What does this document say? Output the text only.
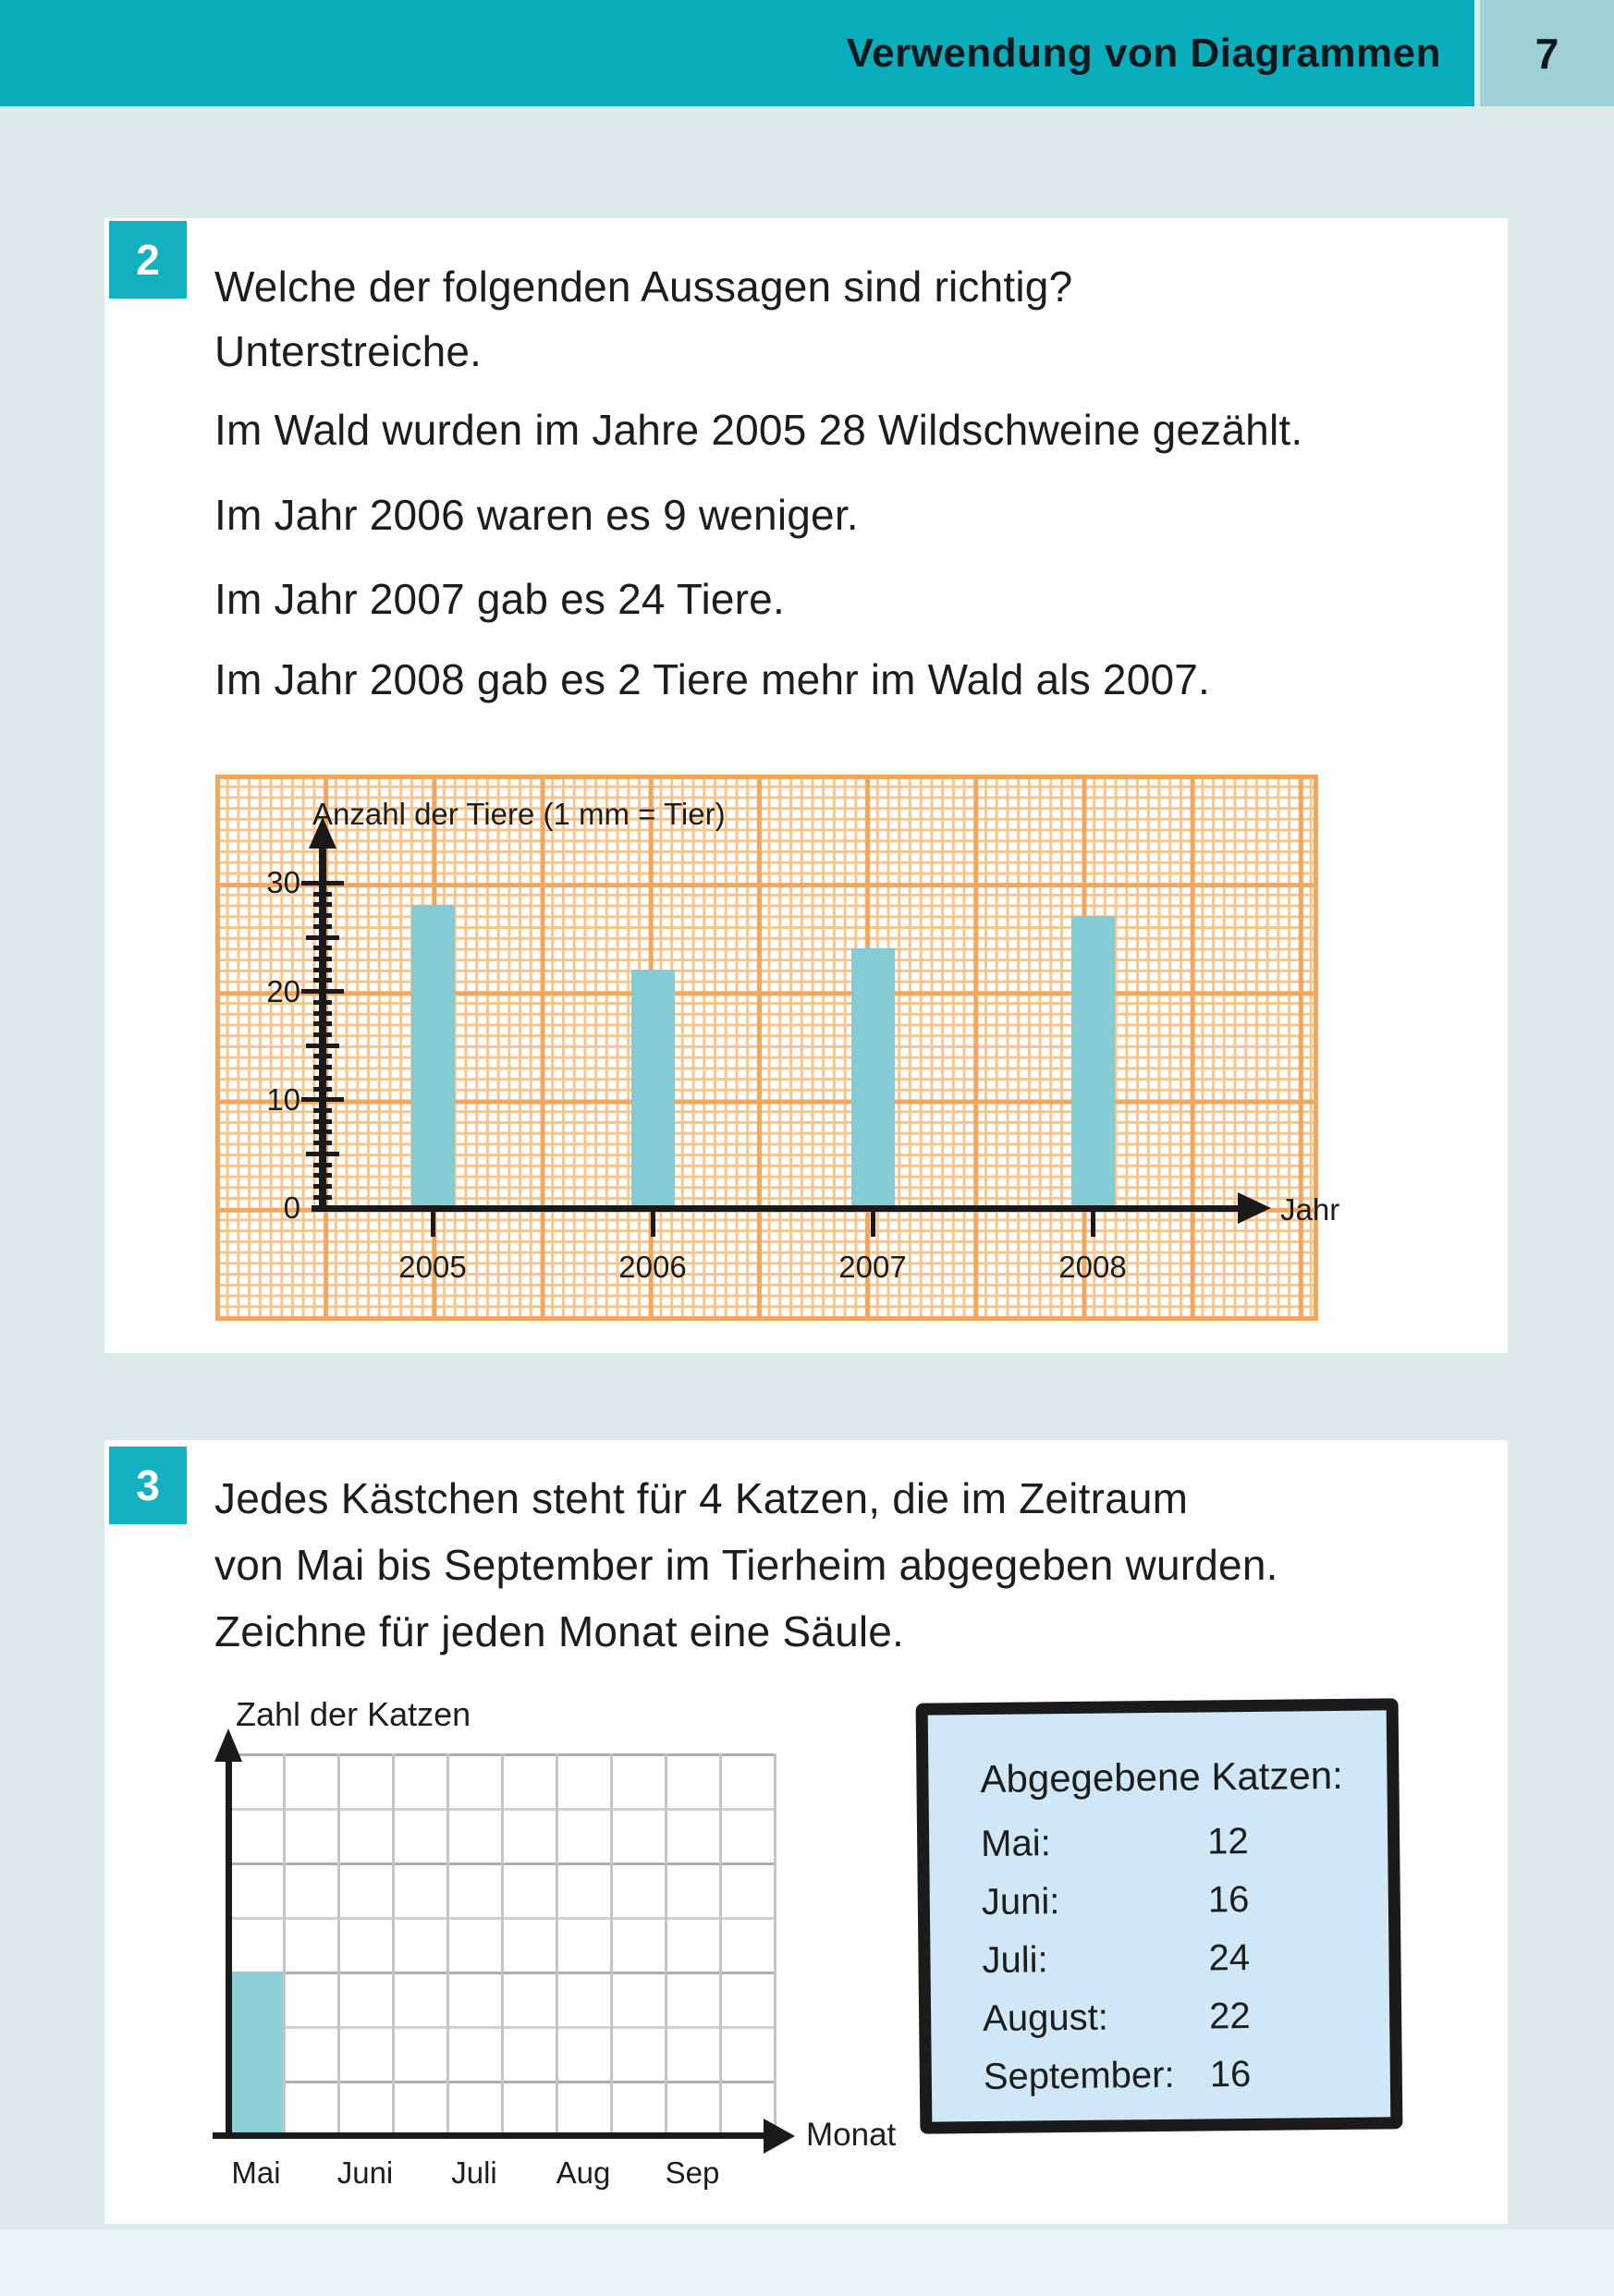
Verwendung von Diagrammen	7
2
Welche der folgenden Aussagen sind richtig?
Unterstreiche.
Im Wald wurden im Jahre 2005 28 Wildschweine gezählt.
Im Jahr 2006 waren es 9 weniger.
Im Jahr 2007 gab es 24 Tiere.
Im Jahr 2008 gab es 2 Tiere mehr im Wald als 2007.
Anzahl der Tiere (1 mm = Tier)
Jahr
0
10
20
30
2005	2006	2007	2008
3 Jedes Kästchen steht für 4 Katzen, die im Zeitraum
von Mai bis September im Tierheim abgegeben wurden.
Zeichne für jeden Monat eine Säule.
Zahl der Katzen
Monat
Mai	Juni	Juli	Aug	Sep
Abgegebene Katzen:
Mai:	12
Juni:	16
Juli:	24
August:	22
September: 16
